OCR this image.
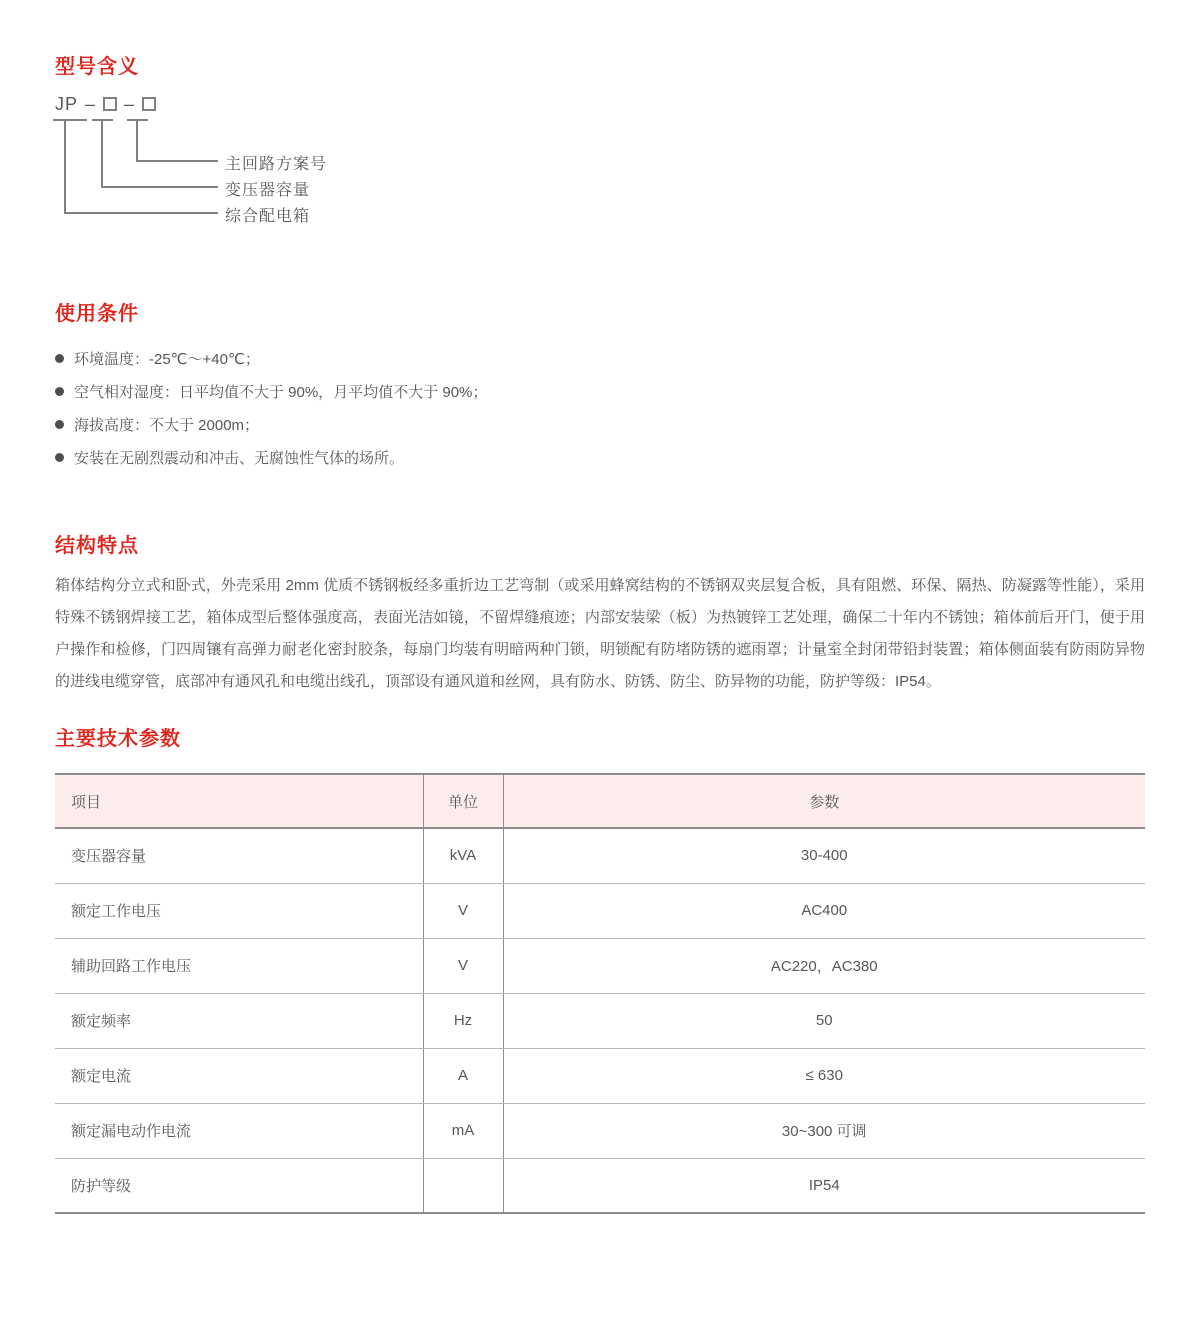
型号含义
JP – –
主回路方案号
变压器容量
综合配电箱
使用条件
环境温度：-25℃～+40℃；
空气相对湿度：日平均值不大于 90%，月平均值不大于 90%；
海拔高度：不大于 2000m；
安装在无剧烈震动和冲击、无腐蚀性气体的场所。
结构特点

箱体结构分立式和卧式，外壳采用 2mm 优质不锈钢板经多重折边工艺弯制（或采用蜂窝结构的不锈钢双夹层复合板，具有阻燃、环保、隔热、防凝露等性能），采用特殊不锈钢焊接工艺，箱体成型后整体强度高，表面光洁如镜，不留焊缝痕迹；内部安装梁（板）为热镀锌工艺处理，确保二十年内不锈蚀；箱体前后开门，便于用户操作和检修，门四周镶有高弹力耐老化密封胶条，每扇门均装有明暗两种门锁，明锁配有防堵防锈的遮雨罩；计量室全封闭带铅封装置；箱体侧面装有防雨防异物的进线电缆穿管，底部冲有通风孔和电缆出线孔，顶部设有通风道和丝网，具有防水、防锈、防尘、防异物的功能，防护等级：IP54。

主要技术参数
项目	单位	参数
变压器容量	kVA	30-400
额定工作电压	V	AC400
辅助回路工作电压	V	AC220，AC380
额定频率	Hz	50
额定电流	A	≤ 630
额定漏电动作电流	mA	30~300 可调
防护等级		IP54
